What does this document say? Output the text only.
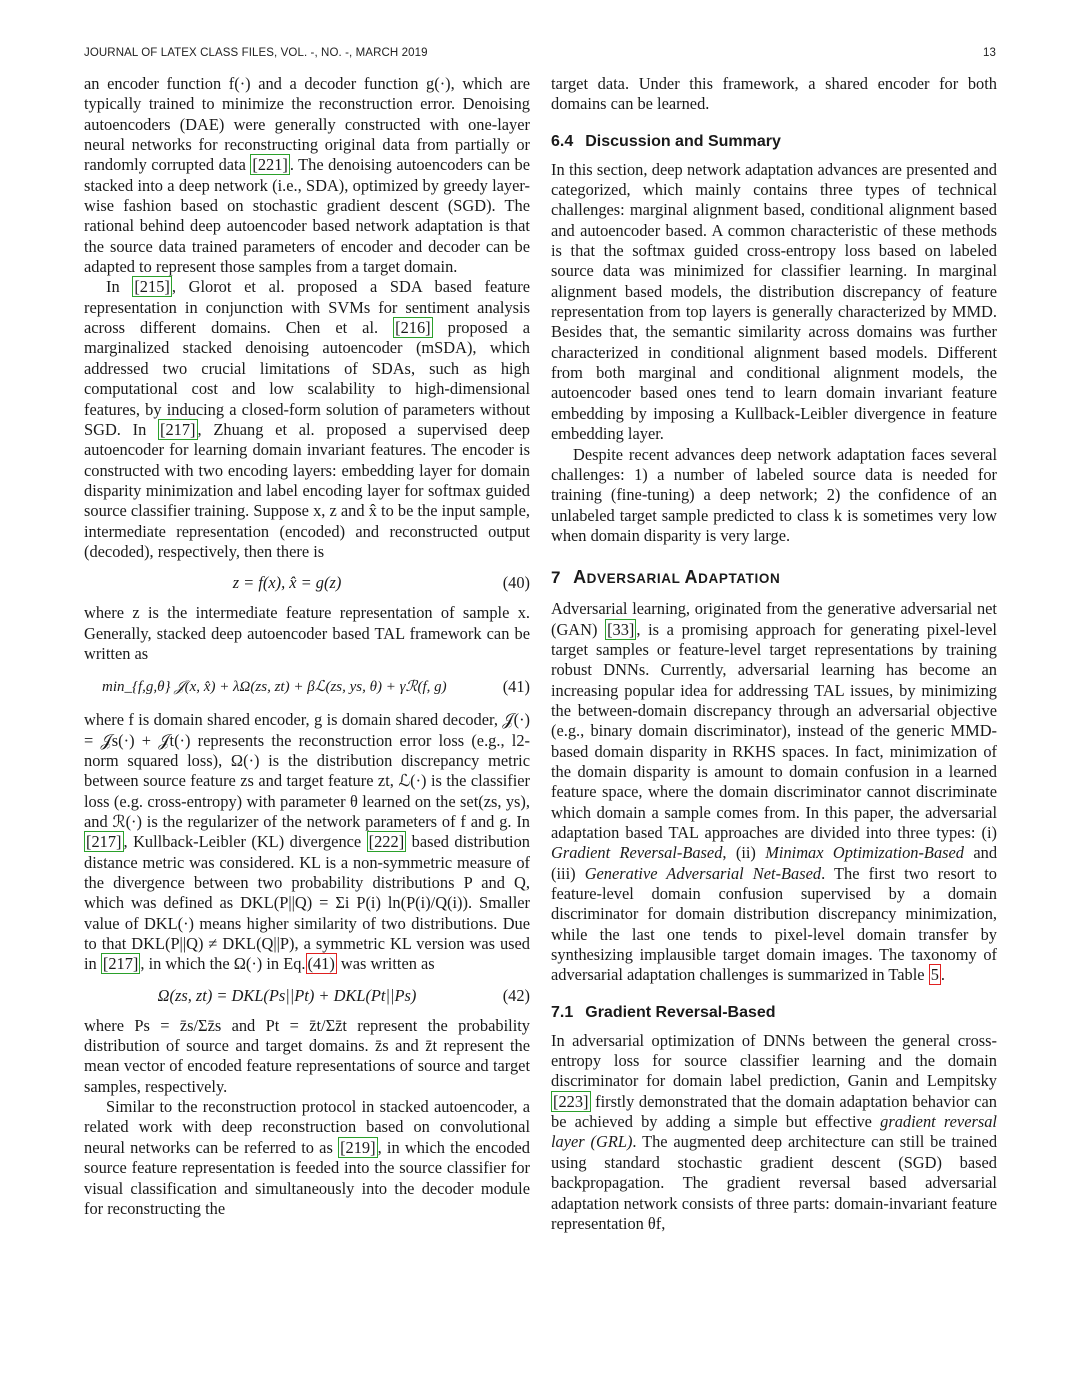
JOURNAL OF LATEX CLASS FILES, VOL. -, NO. -, MARCH 2019	13

an encoder function f(·) and a decoder function g(·), which are typically trained to minimize the reconstruction error. Denoising autoencoders (DAE) were generally constructed with one-layer neural networks for reconstructing original data from partially or randomly corrupted data [221] . The denoising autoencoders can be stacked into a deep network (i.e., SDA), optimized by greedy layer-wise fashion based on stochastic gradient descent (SGD). The rational behind deep autoencoder based network adaptation is that the source data trained parameters of encoder and decoder can be adapted to represent those samples from a target domain.

In [215] , Glorot et al. proposed a SDA based feature representation in conjunction with SVMs for sentiment analysis across different domains. Chen et al. [216] proposed a marginalized stacked denoising autoencoder (mSDA), which addressed two crucial limitations of SDAs, such as high computational cost and low scalability to high-dimensional features, by inducing a closed-form solution of parameters without SGD. In [217] , Zhuang et al. proposed a supervised deep autoencoder for learning domain invariant features. The encoder is constructed with two encoding layers: embedding layer for domain disparity minimization and label encoding layer for softmax guided source classifier training. Suppose x, z and x̂ to be the input sample, intermediate representation (encoded) and reconstructed output (decoded), respectively, then there is

z = f(x), x̂ = g(z)	(40)

where z is the intermediate feature representation of sample x. Generally, stacked deep autoencoder based TAL framework can be written as

min_{f,g,θ} 𝒥(x, x̂) + λΩ(zs, zt) + βℒ(zs, ys, θ) + γℛ(f, g)	(41)

where f is domain shared encoder, g is domain shared decoder, 𝒥(·) = 𝒥s(·) + 𝒥t(·) represents the reconstruction error loss (e.g., l2-norm squared loss), Ω(·) is the distribution discrepancy metric between source feature zs and target feature zt, ℒ(·) is the classifier loss (e.g. cross-entropy) with parameter θ learned on the set(zs, ys), and ℛ(·) is the regularizer of the network parameters of f and g. In [217] , Kullback-Leibler (KL) divergence [222] based distribution distance metric was considered. KL is a non-symmetric measure of the divergence between two probability distributions P and Q, which was defined as DKL(P||Q) = Σi P(i) ln(P(i)/Q(i)). Smaller value of DKL(·) means higher similarity of two distributions. Due to that DKL(P||Q) ≠ DKL(Q||P), a symmetric KL version was used in [217] , in which the Ω(·) in Eq. (41) was written as

Ω(zs, zt) = DKL(Ps||Pt) + DKL(Pt||Ps)	(42)

where Ps = z̄s/Σz̄s and Pt = z̄t/Σz̄t represent the probability distribution of source and target domains. z̄s and z̄t represent the mean vector of encoded feature representations of source and target samples, respectively.

Similar to the reconstruction protocol in stacked autoencoder, a related work with deep reconstruction based on convolutional neural networks can be referred to as [219] , in which the encoded source feature representation is feeded into the source classifier for visual classification and simultaneously into the decoder module for reconstructing the

target data. Under this framework, a shared encoder for both domains can be learned.

6.4 Discussion and Summary

In this section, deep network adaptation advances are presented and categorized, which mainly contains three types of technical challenges: marginal alignment based, conditional alignment based and autoencoder based. A common characteristic of these methods is that the softmax guided cross-entropy loss based on labeled source data was minimized for classifier learning. In marginal alignment based models, the distribution discrepancy of feature representation from top layers is generally characterized by MMD. Besides that, the semantic similarity across domains was further characterized in conditional alignment based models. Different from both marginal and conditional alignment models, the autoencoder based ones tend to learn domain invariant feature embedding by imposing a Kullback-Leibler divergence in feature embedding layer.

Despite recent advances deep network adaptation faces several challenges: 1) a number of labeled source data is needed for training (fine-tuning) a deep network; 2) the confidence of an unlabeled target sample predicted to class k is sometimes very low when domain disparity is very large.

7 ADVERSARIAL ADAPTATION

Adversarial learning, originated from the generative adversarial net (GAN) [33] , is a promising approach for generating pixel-level target samples or feature-level target representations by training robust DNNs. Currently, adversarial learning has become an increasing popular idea for addressing TAL issues, by minimizing the between-domain discrepancy through an adversarial objective (e.g., binary domain discriminator), instead of the generic MMD-based domain disparity in RKHS spaces. In fact, minimization of the domain disparity is amount to domain confusion in a learned feature space, where the domain discriminator cannot discriminate which domain a sample comes from. In this paper, the adversarial adaptation based TAL approaches are divided into three types: (i) Gradient Reversal-Based, (ii) Minimax Optimization-Based and (iii) Generative Adversarial Net-Based. The first two resort to feature-level domain confusion supervised by a domain discriminator for domain distribution discrepancy minimization, while the last one tends to pixel-level domain transfer by synthesizing implausible target domain images. The taxonomy of adversarial adaptation challenges is summarized in Table 5 .

7.1 Gradient Reversal-Based

In adversarial optimization of DNNs between the general cross-entropy loss for source classifier learning and the domain discriminator for domain label prediction, Ganin and Lempitsky [223] firstly demonstrated that the domain adaptation behavior can be achieved by adding a simple but effective gradient reversal layer (GRL). The augmented deep architecture can still be trained using standard stochastic gradient descent (SGD) based backpropagation. The gradient reversal based adversarial adaptation network consists of three parts: domain-invariant feature representation θf,
